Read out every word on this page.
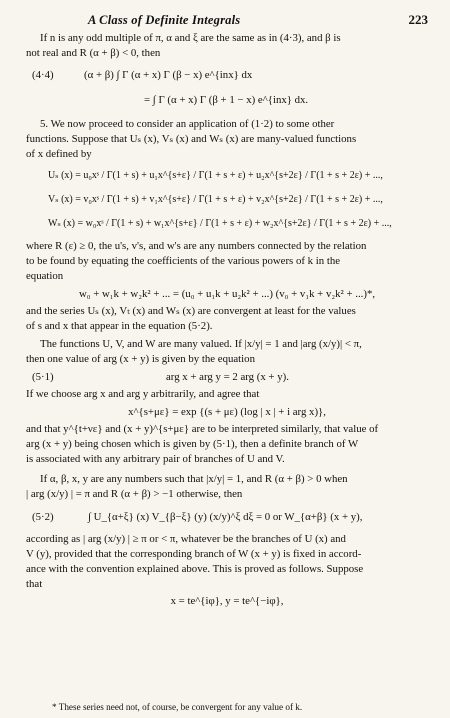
A Class of Definite Integrals	223

If n is any odd multiple of π, α and ξ are the same as in (4·3), and β is

not real and R (α + β) < 0, then

(4·4)	(α + β) ∫ Γ (α + x) Γ (β − x) e^{inx} dx
= ∫ Γ (α + x) Γ (β + 1 − x) e^{inx} dx.

5. We now proceed to consider an application of (1·2) to some other

functions. Suppose that Uₛ (x), Vₛ (x) and Wₛ (x) are many-valued functions

of x defined by

Uₛ (x) = u₀xˢ / Γ(1 + s) + u₁x^{s+ε} / Γ(1 + s + ε) + u₂x^{s+2ε} / Γ(1 + s + 2ε) + ...,
Vₛ (x) = v₀xˢ / Γ(1 + s) + v₁x^{s+ε} / Γ(1 + s + ε) + v₂x^{s+2ε} / Γ(1 + s + 2ε) + ...,
Wₛ (x) = w₀xˢ / Γ(1 + s) + w₁x^{s+ε} / Γ(1 + s + ε) + w₂x^{s+2ε} / Γ(1 + s + 2ε) + ...,

where R (ε) ≥ 0, the u's, v's, and w's are any numbers connected by the relation

to be found by equating the coefficients of the various powers of k in the

equation

w₀ + w₁k + w₂k² + ... = (u₀ + u₁k + u₂k² + ...) (v₀ + v₁k + v₂k² + ...)*,

and the series Uₛ (x), Vₜ (x) and Wₛ (x) are convergent at least for the values

of s and x that appear in the equation (5·2).

The functions U, V, and W are many valued. If |x/y| = 1 and |arg (x/y)| < π,

then one value of arg (x + y) is given by the equation

(5·1)	arg x + arg y = 2 arg (x + y).

If we choose arg x and arg y arbitrarily, and agree that

x^{s+με} = exp {(s + με) (log | x | + i arg x)},

and that y^{t+νε} and (x + y)^{s+με} are to be interpreted similarly, that value of

arg (x + y) being chosen which is given by (5·1), then a definite branch of W

is associated with any arbitrary pair of branches of U and V.

If α, β, x, y are any numbers such that |x/y| = 1, and R (α + β) > 0 when

| arg (x/y) | = π and R (α + β) > −1 otherwise, then

(5·2)	∫ U_{α+ξ} (x) V_{β−ξ} (y) (x/y)^ξ dξ = 0 or W_{α+β} (x + y),

according as | arg (x/y) | ≥ π or < π, whatever be the branches of U (x) and

V (y), provided that the corresponding branch of W (x + y) is fixed in accord-

ance with the convention explained above. This is proved as follows. Suppose

that

x = te^{iφ}, y = te^{−iφ},
* These series need not, of course, be convergent for any value of k.
